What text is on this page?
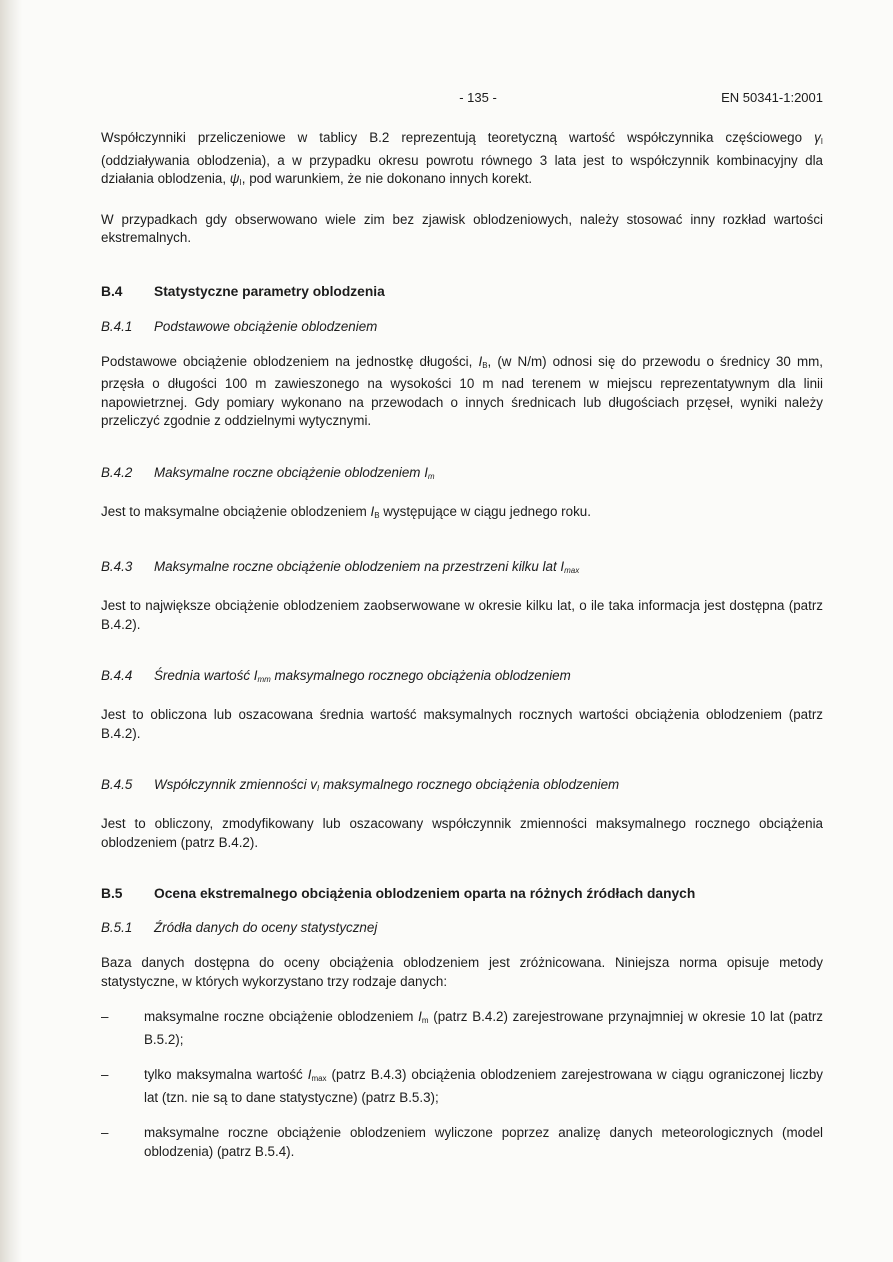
- 135 -	EN 50341-1:2001

Współczynniki przeliczeniowe w tablicy B.2 reprezentują teoretyczną wartość współczynnika częściowego $\gamma_I$ (oddziaływania oblodzenia), a w przypadku okresu powrotu równego 3 lata jest to współczynnik kombinacyjny dla działania oblodzenia, $\psi_I$, pod warunkiem, że nie dokonano innych korekt.

W przypadkach gdy obserwowano wiele zim bez zjawisk oblodzeniowych, należy stosować inny rozkład wartości ekstremalnych.

B.4	Statystyczne parametry oblodzenia
B.4.1	Podstawowe obciążenie oblodzeniem

Podstawowe obciążenie oblodzeniem na jednostkę długości, $I_B$, (w N/m) odnosi się do przewodu o średnicy 30 mm, przęsła o długości 100 m zawieszonego na wysokości 10 m nad terenem w miejscu reprezentatywnym dla linii napowietrznej. Gdy pomiary wykonano na przewodach o innych średnicach lub długościach przęseł, wyniki należy przeliczyć zgodnie z oddzielnymi wytycznymi.

B.4.2	Maksymalne roczne obciążenie oblodzeniem $I_m$

Jest to maksymalne obciążenie oblodzeniem $I_B$ występujące w ciągu jednego roku.

B.4.3	Maksymalne roczne obciążenie oblodzeniem na przestrzeni kilku lat $I_{max}$

Jest to największe obciążenie oblodzeniem zaobserwowane w okresie kilku lat, o ile taka informacja jest dostępna (patrz B.4.2).

B.4.4	Średnia wartość $I_{mm}$ maksymalnego rocznego obciążenia oblodzeniem

Jest to obliczona lub oszacowana średnia wartość maksymalnych rocznych wartości obciążenia oblodzeniem (patrz B.4.2).

B.4.5	Współczynnik zmienności $v_I$ maksymalnego rocznego obciążenia oblodzeniem

Jest to obliczony, zmodyfikowany lub oszacowany współczynnik zmienności maksymalnego rocznego obciążenia oblodzeniem (patrz B.4.2).

B.5	Ocena ekstremalnego obciążenia oblodzeniem oparta na różnych źródłach danych
B.5.1	Źródła danych do oceny statystycznej

Baza danych dostępna do oceny obciążenia oblodzeniem jest zróżnicowana. Niniejsza norma opisuje metody statystyczne, w których wykorzystano trzy rodzaje danych:

–	maksymalne roczne obciążenie oblodzeniem $I_m$ (patrz B.4.2) zarejestrowane przynajmniej w okresie 10 lat (patrz B.5.2);

–	tylko maksymalna wartość $I_{max}$ (patrz B.4.3) obciążenia oblodzeniem zarejestrowana w ciągu ograniczonej liczby lat (tzn. nie są to dane statystyczne) (patrz B.5.3);

–	maksymalne roczne obciążenie oblodzeniem wyliczone poprzez analizę danych meteorologicznych (model oblodzenia) (patrz B.5.4).
